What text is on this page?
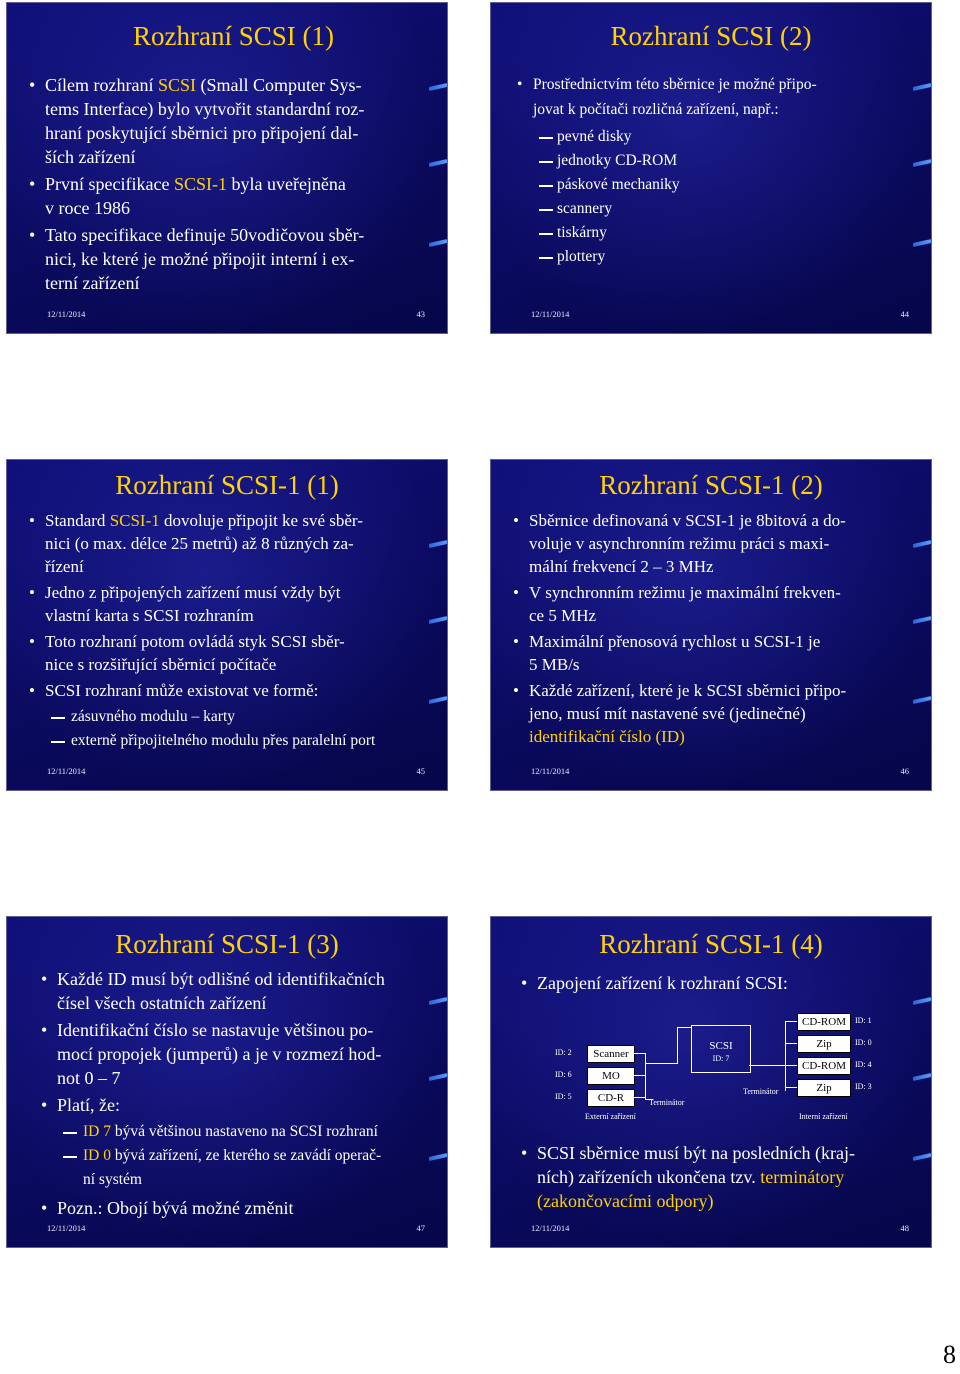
Rozhraní SCSI (1)
• Cílem rozhraní SCSI (Small Computer Sys-
tems Interface) bylo vytvořit standardní roz-
hraní poskytující sběrnici pro připojení dal-
ších zařízení
• První specifikace SCSI-1 byla uveřejněna
v roce 1986
• Tato specifikace definuje 50vodičovou sběr-
nici, ke které je možné připojit interní i ex-
terní zařízení
12/11/2014	43
Rozhraní SCSI (2)
• Prostřednictvím této sběrnice je možné připo-
jovat k počítači rozličná zařízení, např.:
pevné disky
jednotky CD-ROM
páskové mechaniky
scannery
tiskárny
plottery
12/11/2014	44
Rozhraní SCSI-1 (1)
• Standard SCSI-1 dovoluje připojit ke své sběr-
nici (o max. délce 25 metrů) až 8 různých za-
řízení
• Jedno z připojených zařízení musí vždy být
vlastní karta s SCSI rozhraním
• Toto rozhraní potom ovládá styk SCSI sběr-
nice s rozšiřující sběrnicí počítače
• SCSI rozhraní může existovat ve formě:
zásuvného modulu – karty
externě připojitelného modulu přes paralelní port
12/11/2014	45
Rozhraní SCSI-1 (2)
• Sběrnice definovaná v SCSI-1 je 8bitová a do-
voluje v asynchronním režimu práci s maxi-
mální frekvencí 2 – 3 MHz
• V synchronním režimu je maximální frekven-
ce 5 MHz
• Maximální přenosová rychlost u SCSI-1 je
5 MB/s
• Každé zařízení, které je k SCSI sběrnici připo-
jeno, musí mít nastavené své (jedinečné)
identifikační číslo (ID)
12/11/2014	46
Rozhraní SCSI-1 (3)
• Každé ID musí být odlišné od identifikačních
čísel všech ostatních zařízení
• Identifikační číslo se nastavuje většinou po-
mocí propojek (jumperů) a je v rozmezí hod-
not 0 – 7
• Platí, že:
ID 7 bývá většinou nastaveno na SCSI rozhraní
ID 0 bývá zařízení, ze kterého se zavádí operač-
ní systém
• Pozn.: Obojí bývá možné změnit
12/11/2014	47
Rozhraní SCSI-1 (4)
• Zapojení zařízení k rozhraní SCSI:
ID: 2	Scanner
ID: 6	MO
ID: 5	CD-R
Externí zařízení
Terminátor
SCSI
ID: 7
Terminátor
CD-ROM	ID: 1
Zip	ID: 0
CD-ROM	ID: 4
Zip	ID: 3
Interní zařízení
• SCSI sběrnice musí být na posledních (kraj-
ních) zařízeních ukončena tzv. terminátory
(zakončovacími odpory)
12/11/2014	48
8
